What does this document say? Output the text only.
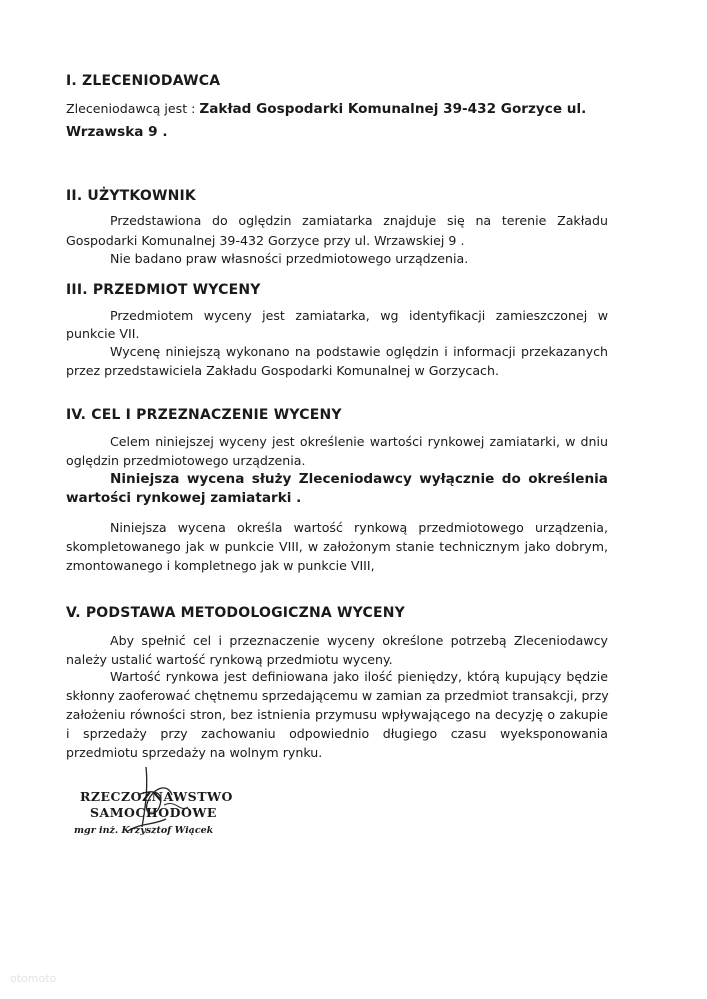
I. ZLECENIODAWCA
Zleceniodawcą jest : Zakład Gospodarki Komunalnej 39-432 Gorzyce ul.
Wrzawska 9 .
II. UŻYTKOWNIK
Przedstawiona do oględzin zamiatarka znajduje się na terenie Zakładu
Gospodarki Komunalnej 39-432 Gorzyce przy ul. Wrzawskiej 9 .
Nie badano praw własności przedmiotowego urządzenia.
III. PRZEDMIOT WYCENY
Przedmiotem wyceny jest zamiatarka, wg identyfikacji zamieszczonej w
punkcie VII.
Wycenę niniejszą wykonano na podstawie oględzin i informacji przekazanych
przez przedstawiciela Zakładu Gospodarki Komunalnej w Gorzycach.
IV. CEL I PRZEZNACZENIE WYCENY
Celem niniejszej wyceny jest określenie wartości rynkowej zamiatarki, w dniu
oględzin przedmiotowego urządzenia.
Niniejsza wycena służy Zleceniodawcy wyłącznie do określenia
wartości rynkowej zamiatarki .
Niniejsza wycena określa wartość rynkową przedmiotowego urządzenia,
skompletowanego jak w punkcie VIII, w założonym stanie technicznym jako dobrym,
zmontowanego i kompletnego jak w punkcie VIII,
V. PODSTAWA METODOLOGICZNA WYCENY
Aby spełnić cel i przeznaczenie wyceny określone potrzebą Zleceniodawcy
należy ustalić wartość rynkową przedmiotu wyceny.
Wartość rynkowa jest definiowana jako ilość pieniędzy, którą kupujący będzie
skłonny zaoferować chętnemu sprzedającemu w zamian za przedmiot transakcji, przy
założeniu równości stron, bez istnienia przymusu wpływającego na decyzję o zakupie
i sprzedaży przy zachowaniu odpowiednio długiego czasu wyeksponowania
przedmiotu sprzedaży na wolnym rynku.
RZECZOZNAWSTWO
SAMOCHODOWE
mgr inż. Krzysztof Wiącek
otomoto
